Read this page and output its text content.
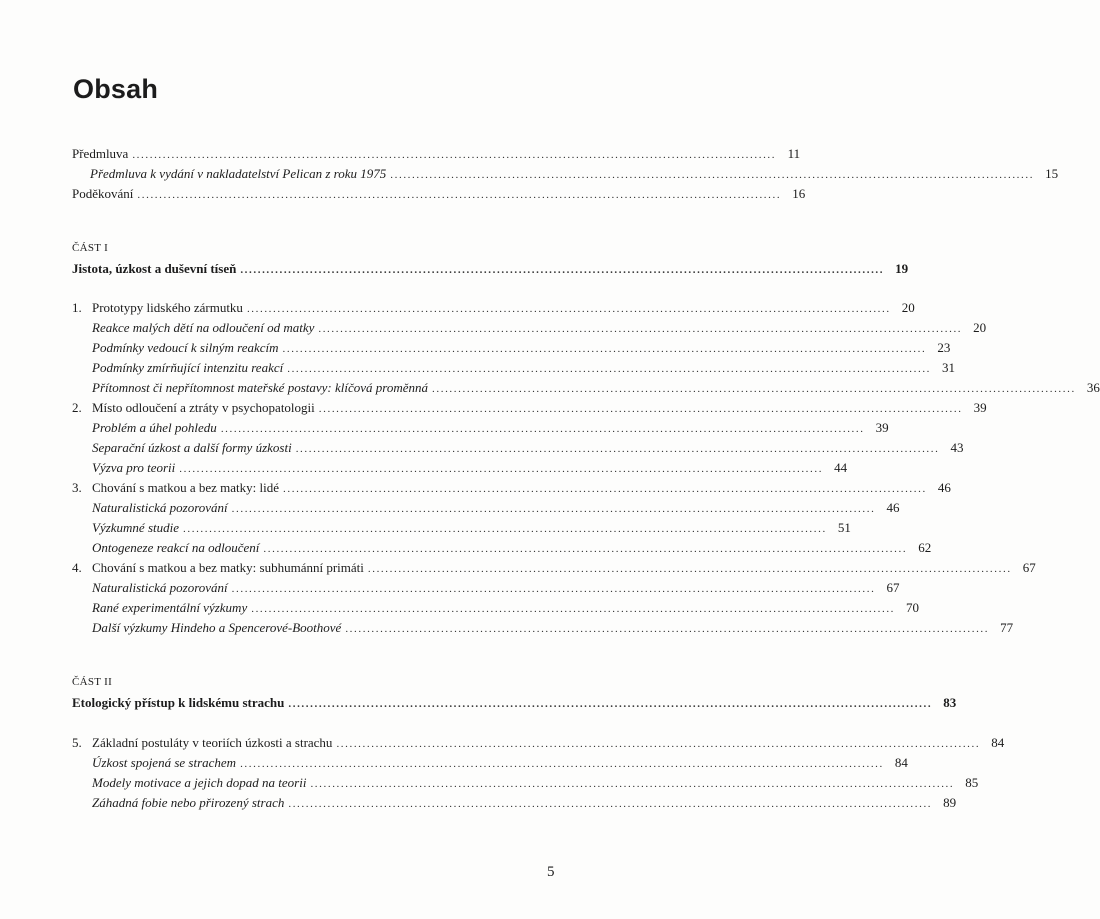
Obsah
Předmluva .................................................................................................................................................... 11
Předmluva k vydání v nakladatelství Pelican z roku 1975 .................................................................................................................................................... 15
Poděkování .................................................................................................................................................... 16
ČÁST I
Jistota, úzkost a duševní tíseň .................................................................................................................................................... 19
1. Prototypy lidského zármutku .................................................................................................................................................... 20
Reakce malých dětí na odloučení od matky .................................................................................................................................................... 20
Podmínky vedoucí k silným reakcím .................................................................................................................................................... 23
Podmínky zmírňující intenzitu reakcí .................................................................................................................................................... 31
Přítomnost či nepřítomnost mateřské postavy: klíčová proměnná .................................................................................................................................................... 36
2. Místo odloučení a ztráty v psychopatologii .................................................................................................................................................... 39
Problém a úhel pohledu .................................................................................................................................................... 39
Separační úzkost a další formy úzkosti .................................................................................................................................................... 43
Výzva pro teorii .................................................................................................................................................... 44
3. Chování s matkou a bez matky: lidé .................................................................................................................................................... 46
Naturalistická pozorování .................................................................................................................................................... 46
Výzkumné studie .................................................................................................................................................... 51
Ontogeneze reakcí na odloučení .................................................................................................................................................... 62
4. Chování s matkou a bez matky: subhumánní primáti .................................................................................................................................................... 67
Naturalistická pozorování .................................................................................................................................................... 67
Rané experimentální výzkumy .................................................................................................................................................... 70
Další výzkumy Hindeho a Spencerové-Boothové .................................................................................................................................................... 77
ČÁST II
Etologický přístup k lidskému strachu .................................................................................................................................................... 83
5. Základní postuláty v teoriích úzkosti a strachu .................................................................................................................................................... 84
Úzkost spojená se strachem .................................................................................................................................................... 84
Modely motivace a jejich dopad na teorii .................................................................................................................................................... 85
Záhadná fobie nebo přirozený strach .................................................................................................................................................... 89
5
